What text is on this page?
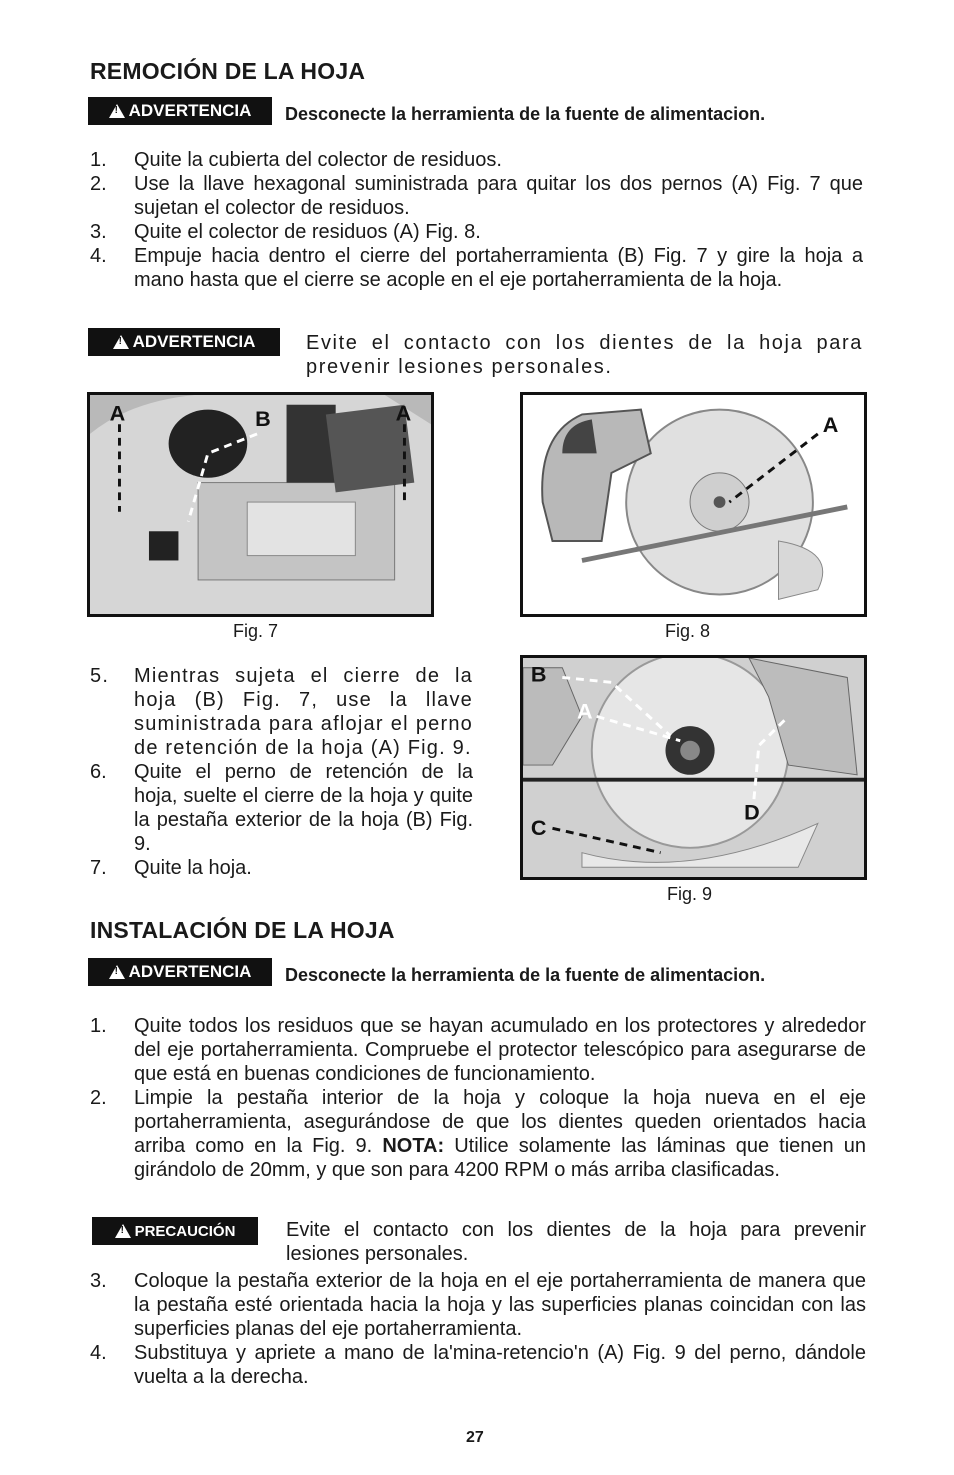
REMOCIÓN DE LA HOJA
!
ADVERTENCIA Desconecte la herramienta de la fuente de alimentacion.
1. Quite la cubierta del colector de residuos.
2. Use la llave hexagonal suministrada para quitar los dos pernos (A) Fig. 7 que sujetan el colector de residuos.
3. Quite el colector de residuos (A) Fig. 8.
4. Empuje hacia dentro el cierre del portaherramienta (B) Fig. 7 y gire la hoja a mano hasta que el cierre se acople en el eje portaherramienta de la hoja.
!
ADVERTENCIA	Evite el contacto con los dientes de la hoja para prevenir lesiones personales.
A	B	A
Fig. 7
A
Fig. 8
5. Mientras sujeta el cierre de la hoja (B) Fig. 7, use la llave suministrada para aflojar el perno de retención de la hoja (A) Fig. 9.
6. Quite el perno de retención de la hoja, suelte el cierre de la hoja y quite la pestaña exterior de la hoja (B) Fig. 9.
7. Quite la hoja.
B
A
C
D
Fig. 9
INSTALACIÓN DE LA HOJA
!
ADVERTENCIA Desconecte la herramienta de la fuente de alimentacion.
1. Quite todos los residuos que se hayan acumulado en los protectores y alrededor del eje portaherramienta. Compruebe el protector telescópico para asegurarse de que está en buenas condiciones de funcionamiento.
2. Limpie la pestaña interior de la hoja y coloque la hoja nueva en el eje portaherramienta, asegurándose de que los dientes queden orientados hacia arriba como en la Fig. 9. NOTA: Utilice solamente las láminas que tienen un girándolo de 20mm, y que son para 4200 RPM o más arriba clasificadas.
!
PRECAUCIÓN	Evite el contacto con los dientes de la hoja para prevenir lesiones personales.
3. Coloque la pestaña exterior de la hoja en el eje portaherramienta de manera que la pestaña esté orientada hacia la hoja y las superficies planas coincidan con las superficies planas del eje portaherramienta.
4. Substituya y apriete a mano de la'mina-retencio'n (A) Fig. 9 del perno, dándole vuelta a la derecha.
27
